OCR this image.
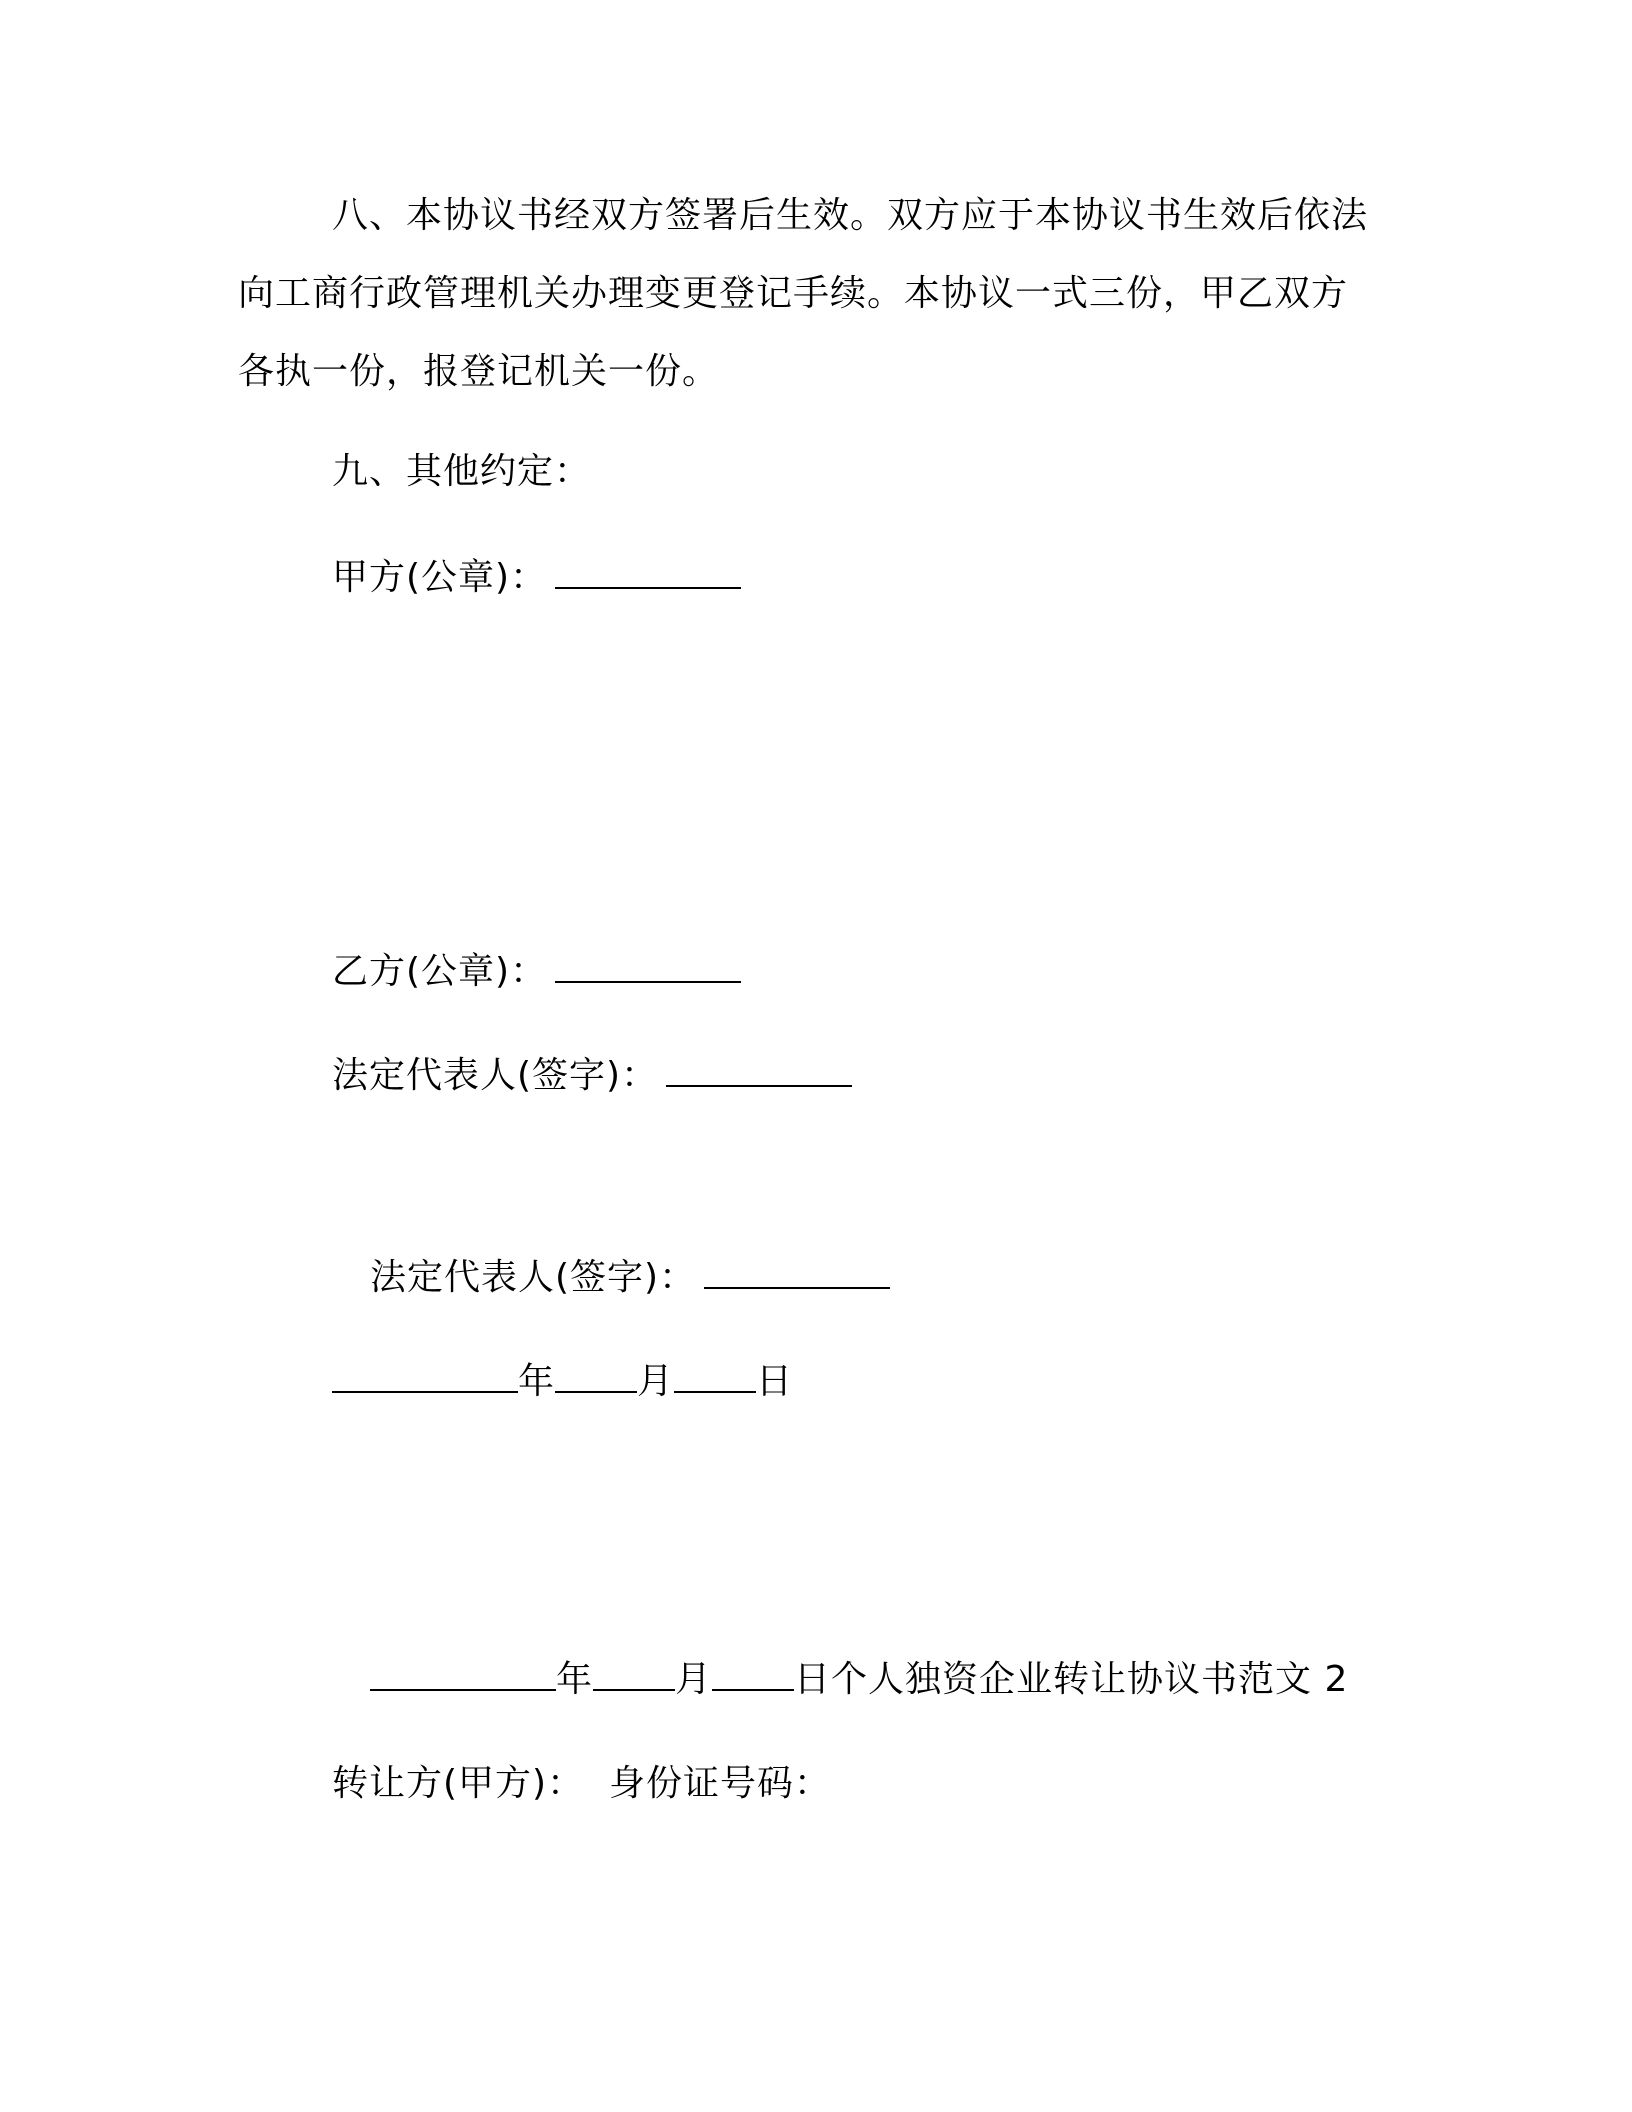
八、本协议书经双方签署后生效。双方应于本协议书生效后依法

向工商行政管理机关办理变更登记手续。本协议一式三份，甲乙双方

各执一份，报登记机关一份。

九、其他约定：

甲方(公章)：

乙方(公章)：

法定代表人(签字)：

法定代表人(签字)：

年 月 日

年 月 日个人独资企业转让协议书范文 2

转让方(甲方)：  身份证号码：
